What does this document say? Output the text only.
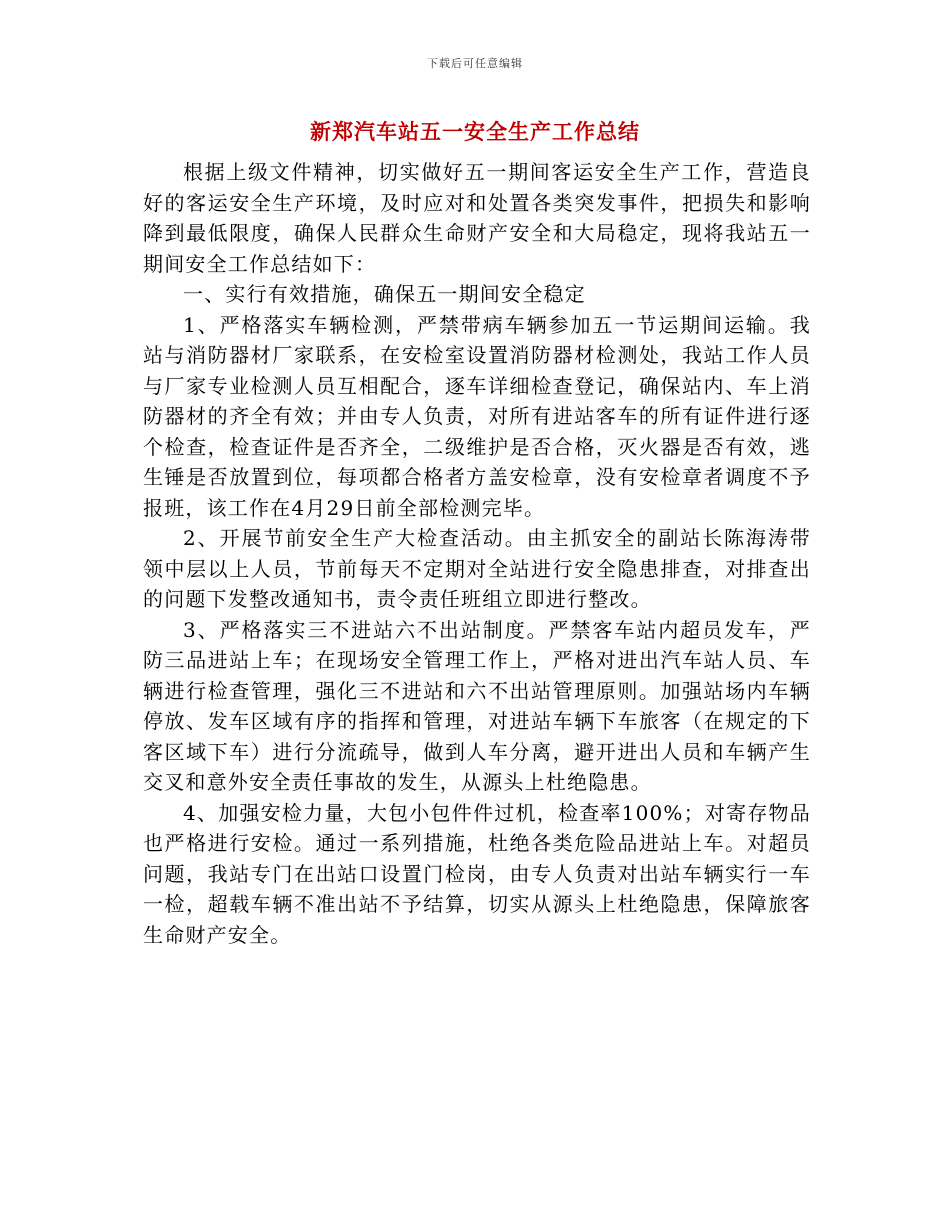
下载后可任意编辑
新郑汽车站五一安全生产工作总结

根据上级文件精神，切实做好五一期间客运安全生产工作，营造良好的客运安全生产环境，及时应对和处置各类突发事件，把损失和影响降到最低限度，确保人民群众生命财产安全和大局稳定，现将我站五一期间安全工作总结如下：

一、实行有效措施，确保五一期间安全稳定

1、严格落实车辆检测，严禁带病车辆参加五一节运期间运输。我站与消防器材厂家联系，在安检室设置消防器材检测处，我站工作人员与厂家专业检测人员互相配合，逐车详细检查登记，确保站内、车上消防器材的齐全有效；并由专人负责，对所有进站客车的所有证件进行逐个检查，检查证件是否齐全，二级维护是否合格，灭火器是否有效，逃生锤是否放置到位，每项都合格者方盖安检章，没有安检章者调度不予报班，该工作在4月29日前全部检测完毕。

2、开展节前安全生产大检查活动。由主抓安全的副站长陈海涛带领中层以上人员，节前每天不定期对全站进行安全隐患排查，对排查出的问题下发整改通知书，责令责任班组立即进行整改。

3、严格落实三不进站六不出站制度。严禁客车站内超员发车，严防三品进站上车；在现场安全管理工作上，严格对进出汽车站人员、车辆进行检查管理，强化三不进站和六不出站管理原则。加强站场内车辆停放、发车区域有序的指挥和管理，对进站车辆下车旅客（在规定的下客区域下车）进行分流疏导，做到人车分离，避开进出人员和车辆产生交叉和意外安全责任事故的发生，从源头上杜绝隐患。

4、加强安检力量，大包小包件件过机，检查率100%；对寄存物品也严格进行安检。通过一系列措施，杜绝各类危险品进站上车。对超员问题，我站专门在出站口设置门检岗，由专人负责对出站车辆实行一车一检，超载车辆不准出站不予结算，切实从源头上杜绝隐患，保障旅客生命财产安全。
